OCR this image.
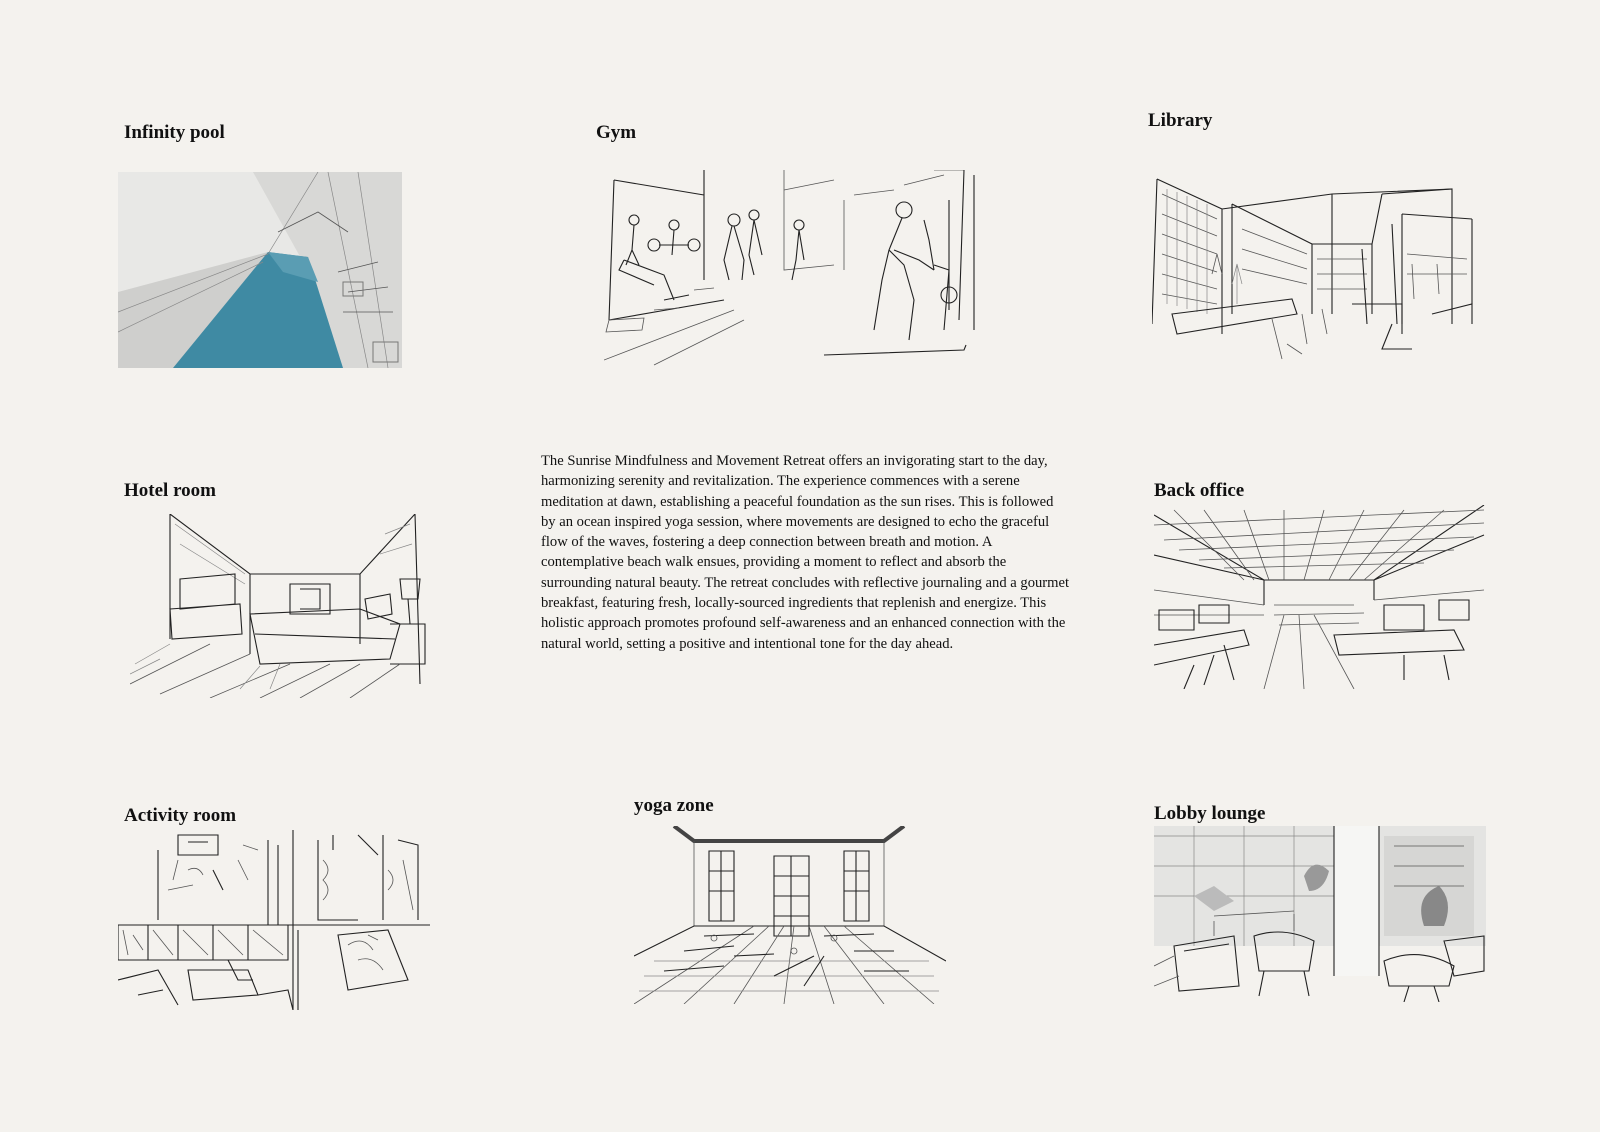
Infinity pool	Gym
Library
Hotel room

The Sunrise Mindfulness and Movement Retreat offers an invigorating start to the day, harmonizing serenity and revitalization. The experience commences with a serene meditation at dawn, establishing a peaceful foundation as the sun rises. This is followed by an ocean inspired yoga session, where movements are designed to echo the graceful flow of the waves, fostering a deep connection between breath and motion. A contemplative beach walk ensues, providing a moment to reflect and absorb the surrounding natural beauty. The retreat concludes with reflective journaling and a gourmet breakfast, featuring fresh, locally-sourced ingredients that replenish and energize. This holistic approach promotes profound self-awareness and an enhanced connection with the natural world, setting a positive and intentional tone for the day ahead.

Back office
Activity room	yoga zone	Lobby lounge
